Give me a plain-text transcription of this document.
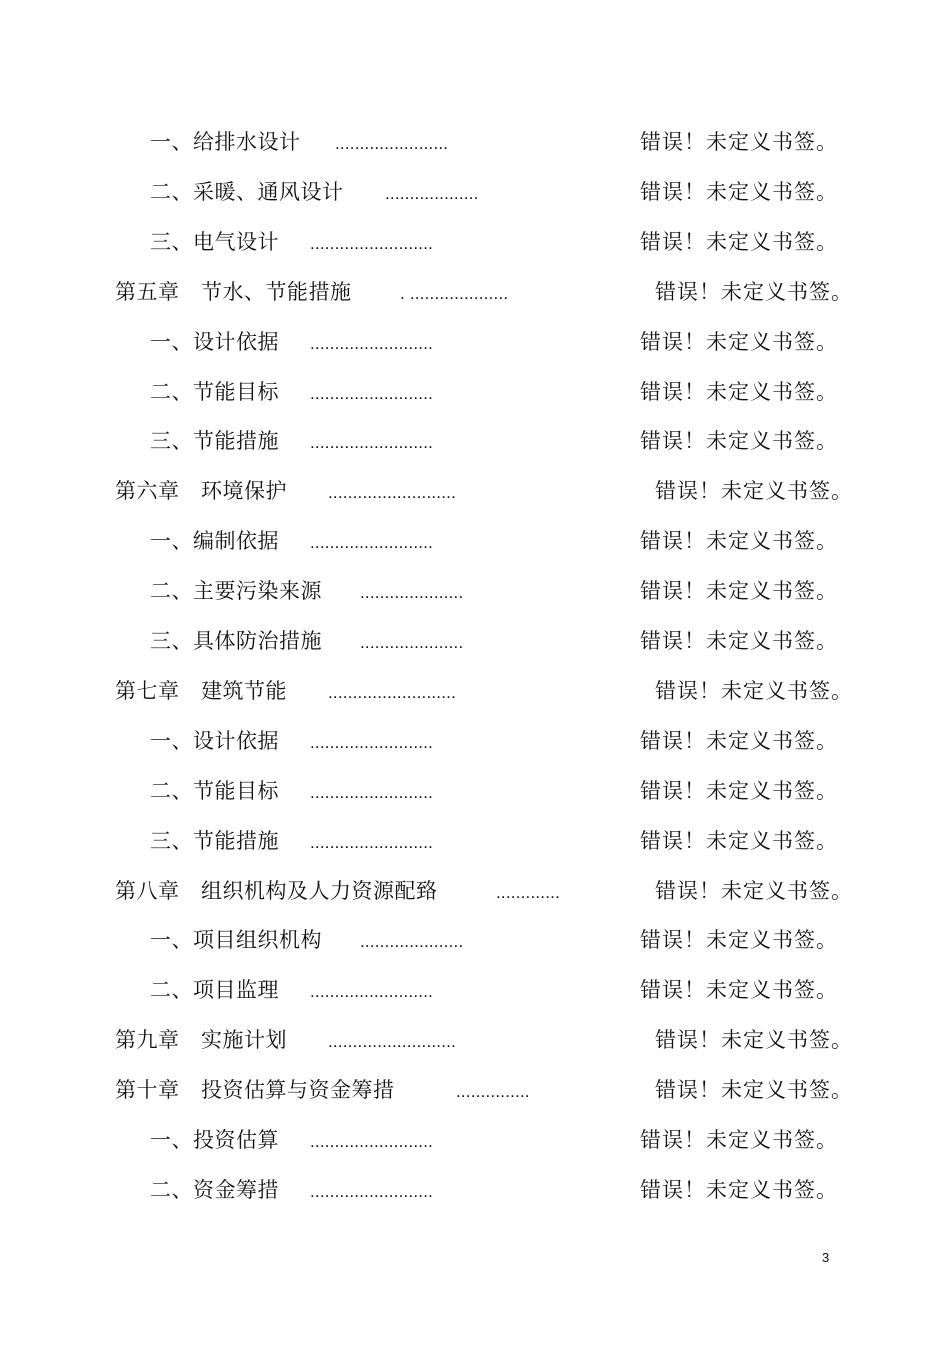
一、给排水设计 .......................	错误！未定义书签。
二、采暖、通风设计 ...................	错误！未定义书签。
三、电气设计 .........................	错误！未定义书签。
第五章　节水、节能措施	. ....................	错误！未定义书签。
一、设计依据 .........................	错误！未定义书签。
二、节能目标 .........................	错误！未定义书签。
三、节能措施 .........................	错误！未定义书签。
第六章　环境保护 ..........................	错误！未定义书签。
一、编制依据 .........................	错误！未定义书签。
二、主要污染来源 .....................	错误！未定义书签。
三、具体防治措施 .....................	错误！未定义书签。
第七章　建筑节能 ..........................	错误！未定义书签。
一、设计依据 .........................	错误！未定义书签。
二、节能目标 .........................	错误！未定义书签。
三、节能措施 .........................	错误！未定义书签。
第八章　组织机构及人力资源配臵	.............	错误！未定义书签。
一、项目组织机构 .....................	错误！未定义书签。
二、项目监理 .........................	错误！未定义书签。
第九章　实施计划 ..........................	错误！未定义书签。
第十章　投资估算与资金筹措	...............	错误！未定义书签。
一、投资估算 .........................	错误！未定义书签。
二、资金筹措 .........................	错误！未定义书签。
3
